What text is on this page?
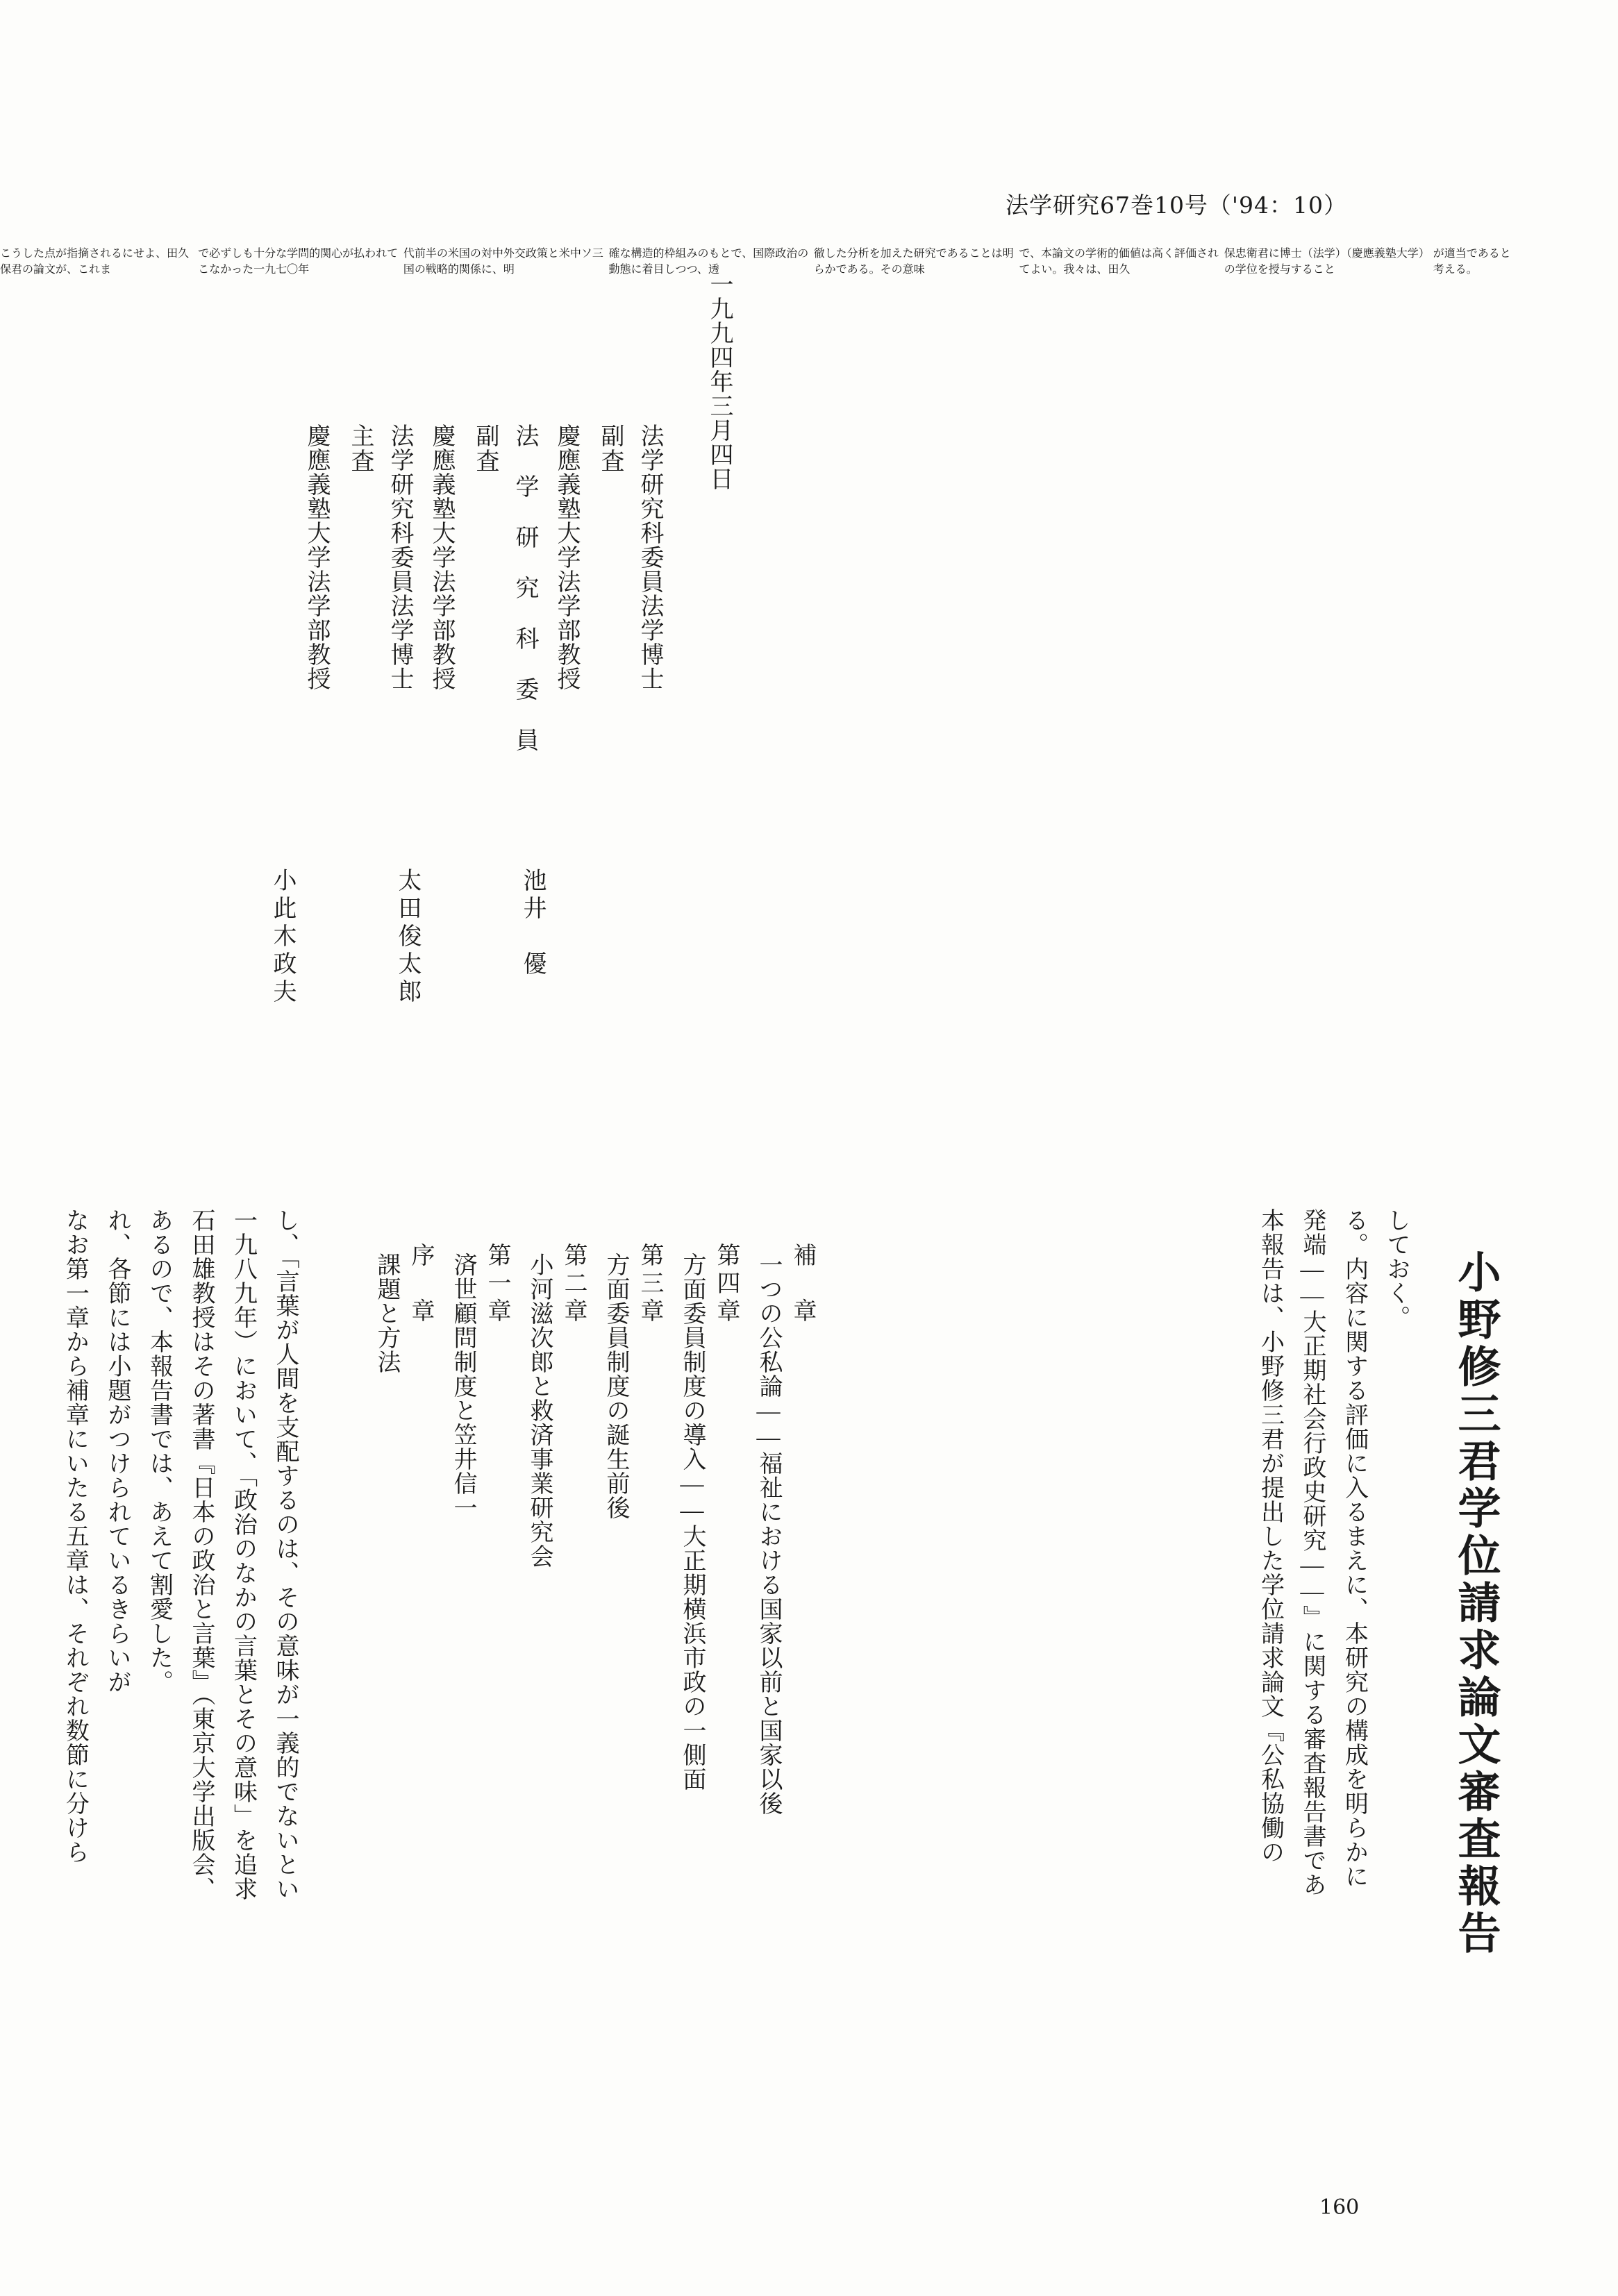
法学研究67巻10号（'94：10）
こうした点が指摘されるにせよ、田久保君の論文が、これま
で必ずしも十分な学問的関心が払われてこなかった一九七〇年
代前半の米国の対中外交政策と米中ソ三国の戦略的関係に、明
確な構造的枠組みのもとで、国際政治の動態に着目しつつ、透
徹した分析を加えた研究であることは明らかである。その意味
で、本論文の学術的価値は高く評価されてよい。我々は、田久
保忠衛君に博士（法学）（慶應義塾大学）の学位を授与すること
が適当であると考える。
一九九四年三月四日
小此木政夫
慶應義塾大学法学部教授 主査 法学研究科委員法学博士
太田俊太郎
慶應義塾大学法学部教授 副査 法 学 研 究 科 委 員
池井　優
慶應義塾大学法学部教授 副査 法学研究科委員法学博士
小野修三君学位請求論文審査報告
本報告は、小野修三君が提出した学位請求論文『公私協働の 発端――大正期社会行政史研究――』に関する審査報告書であ る。内容に関する評価に入るまえに、本研究の構成を明らかに しておく。
課題と方法 序　章 済世顧問制度と笠井信一 第一章 小河滋次郎と救済事業研究会 第二章 方面委員制度の誕生前後 第三章 方面委員制度の導入――大正期横浜市政の一側面 第四章 一つの公私論――福祉における国家以前と国家以後 補　章
なお第一章から補章にいたる五章は、それぞれ数節に分けら れ、各節には小題がつけられているきらいが あるので、本報告書では、あえて割愛した。 石田雄教授はその著書『日本の政治と言葉』（東京大学出版会、 一九八九年）において、「政治のなかの言葉とその意味」を追求 し、「言葉が人間を支配するのは、その意味が一義的でないとい
160
